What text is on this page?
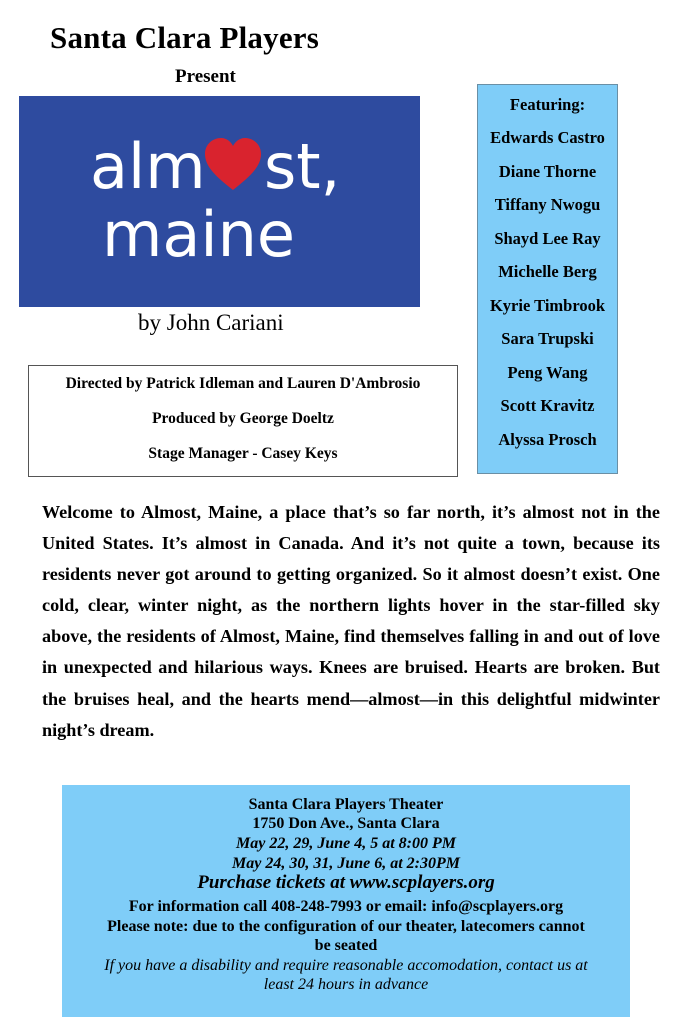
Santa Clara Players
Present
alm st,
maine
by John Cariani
Directed by Patrick Idleman and Lauren D'Ambrosio
Produced by George Doeltz
Stage Manager - Casey Keys
Featuring:
Edwards Castro
Diane Thorne
Tiffany Nwogu
Shayd Lee Ray
Michelle Berg
Kyrie Timbrook
Sara Trupski
Peng Wang
Scott Kravitz
Alyssa Prosch
Welcome to Almost, Maine, a place that’s so far north, it’s almost not in the United States. It’s almost in Canada. And it’s not quite a town, because its residents never got around to getting organized. So it almost doesn’t exist. One cold, clear, winter night, as the northern lights hover in the star-filled sky above, the residents of Almost, Maine, find themselves falling in and out of love in unexpected and hilarious ways. Knees are bruised. Hearts are broken. But the bruises heal, and the hearts mend—almost—in this delightful midwinter night’s dream.
Santa Clara Players Theater
1750 Don Ave., Santa Clara
May 22, 29, June 4, 5 at 8:00 PM
May 24, 30, 31, June 6, at 2:30PM
Purchase tickets at www.scplayers.org
For information call 408-248-7993 or email: info@scplayers.org
Please note: due to the configuration of our theater, latecomers cannot
be seated
If you have a disability and require reasonable accomodation, contact us at
least 24 hours in advance
